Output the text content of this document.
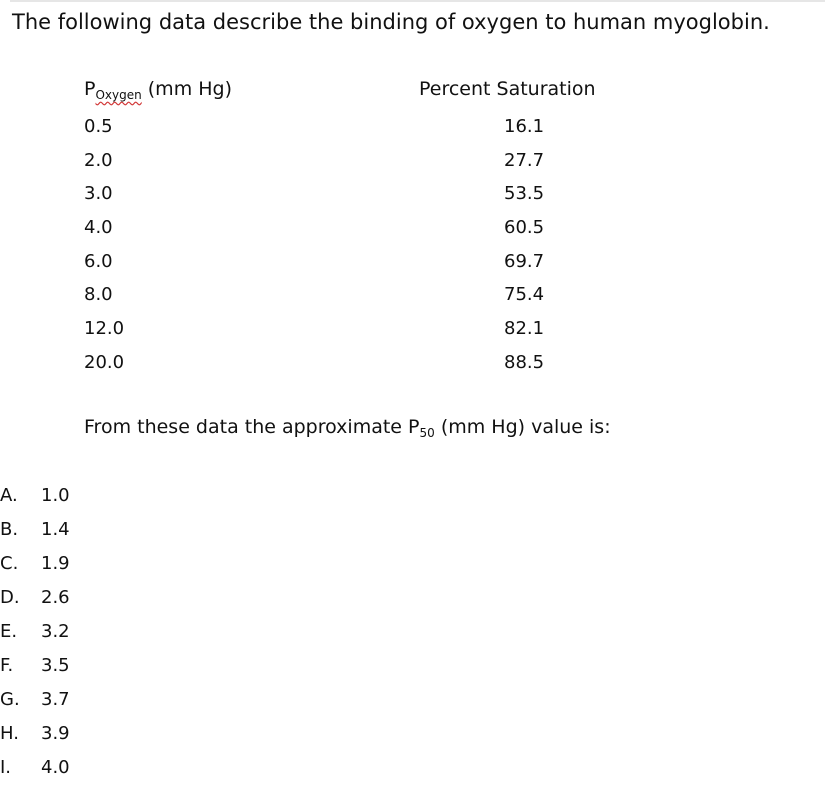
The following data describe the binding of oxygen to human myoglobin.
$P_{Oxygen}$ (mm Hg)	Percent Saturation
0.5	16.1
2.0	27.7
3.0	53.5
4.0	60.5
6.0	69.7
8.0	75.4
12.0	82.1
20.0	88.5
From these data the approximate $P_{50}$ (mm Hg) value is:
A. 1.0
B. 1.4
C. 1.9
D. 2.6
E. 3.2
F. 3.5
G. 3.7
H. 3.9
I. 4.0
